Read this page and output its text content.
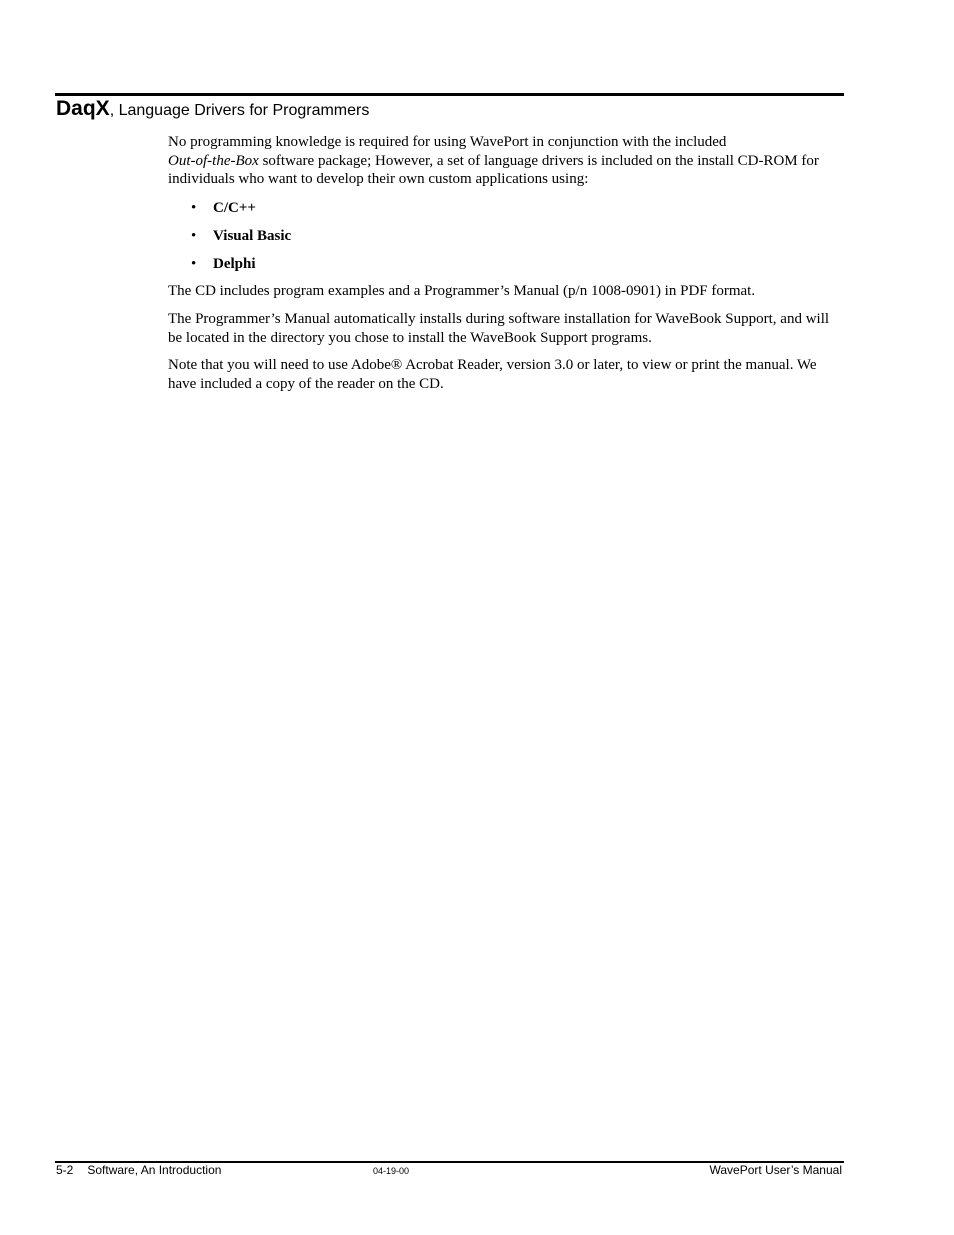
DaqX, Language Drivers for Programmers
No programming knowledge is required for using WavePort in conjunction with the included
Out-of-the-Box software package; However, a set of language drivers is included on the install CD-ROM for individuals who want to develop their own custom applications using:
• C/C++
• Visual Basic
• Delphi
The CD includes program examples and a Programmer’s Manual (p/n 1008-0901) in PDF format.
The Programmer’s Manual automatically installs during software installation for WaveBook Support, and will be located in the directory you chose to install the WaveBook Support programs.
Note that you will need to use Adobe® Acrobat Reader, version 3.0 or later, to view or print the manual. We have included a copy of the reader on the CD.
5-2 Software, An Introduction	04-19-00	WavePort User’s Manual
